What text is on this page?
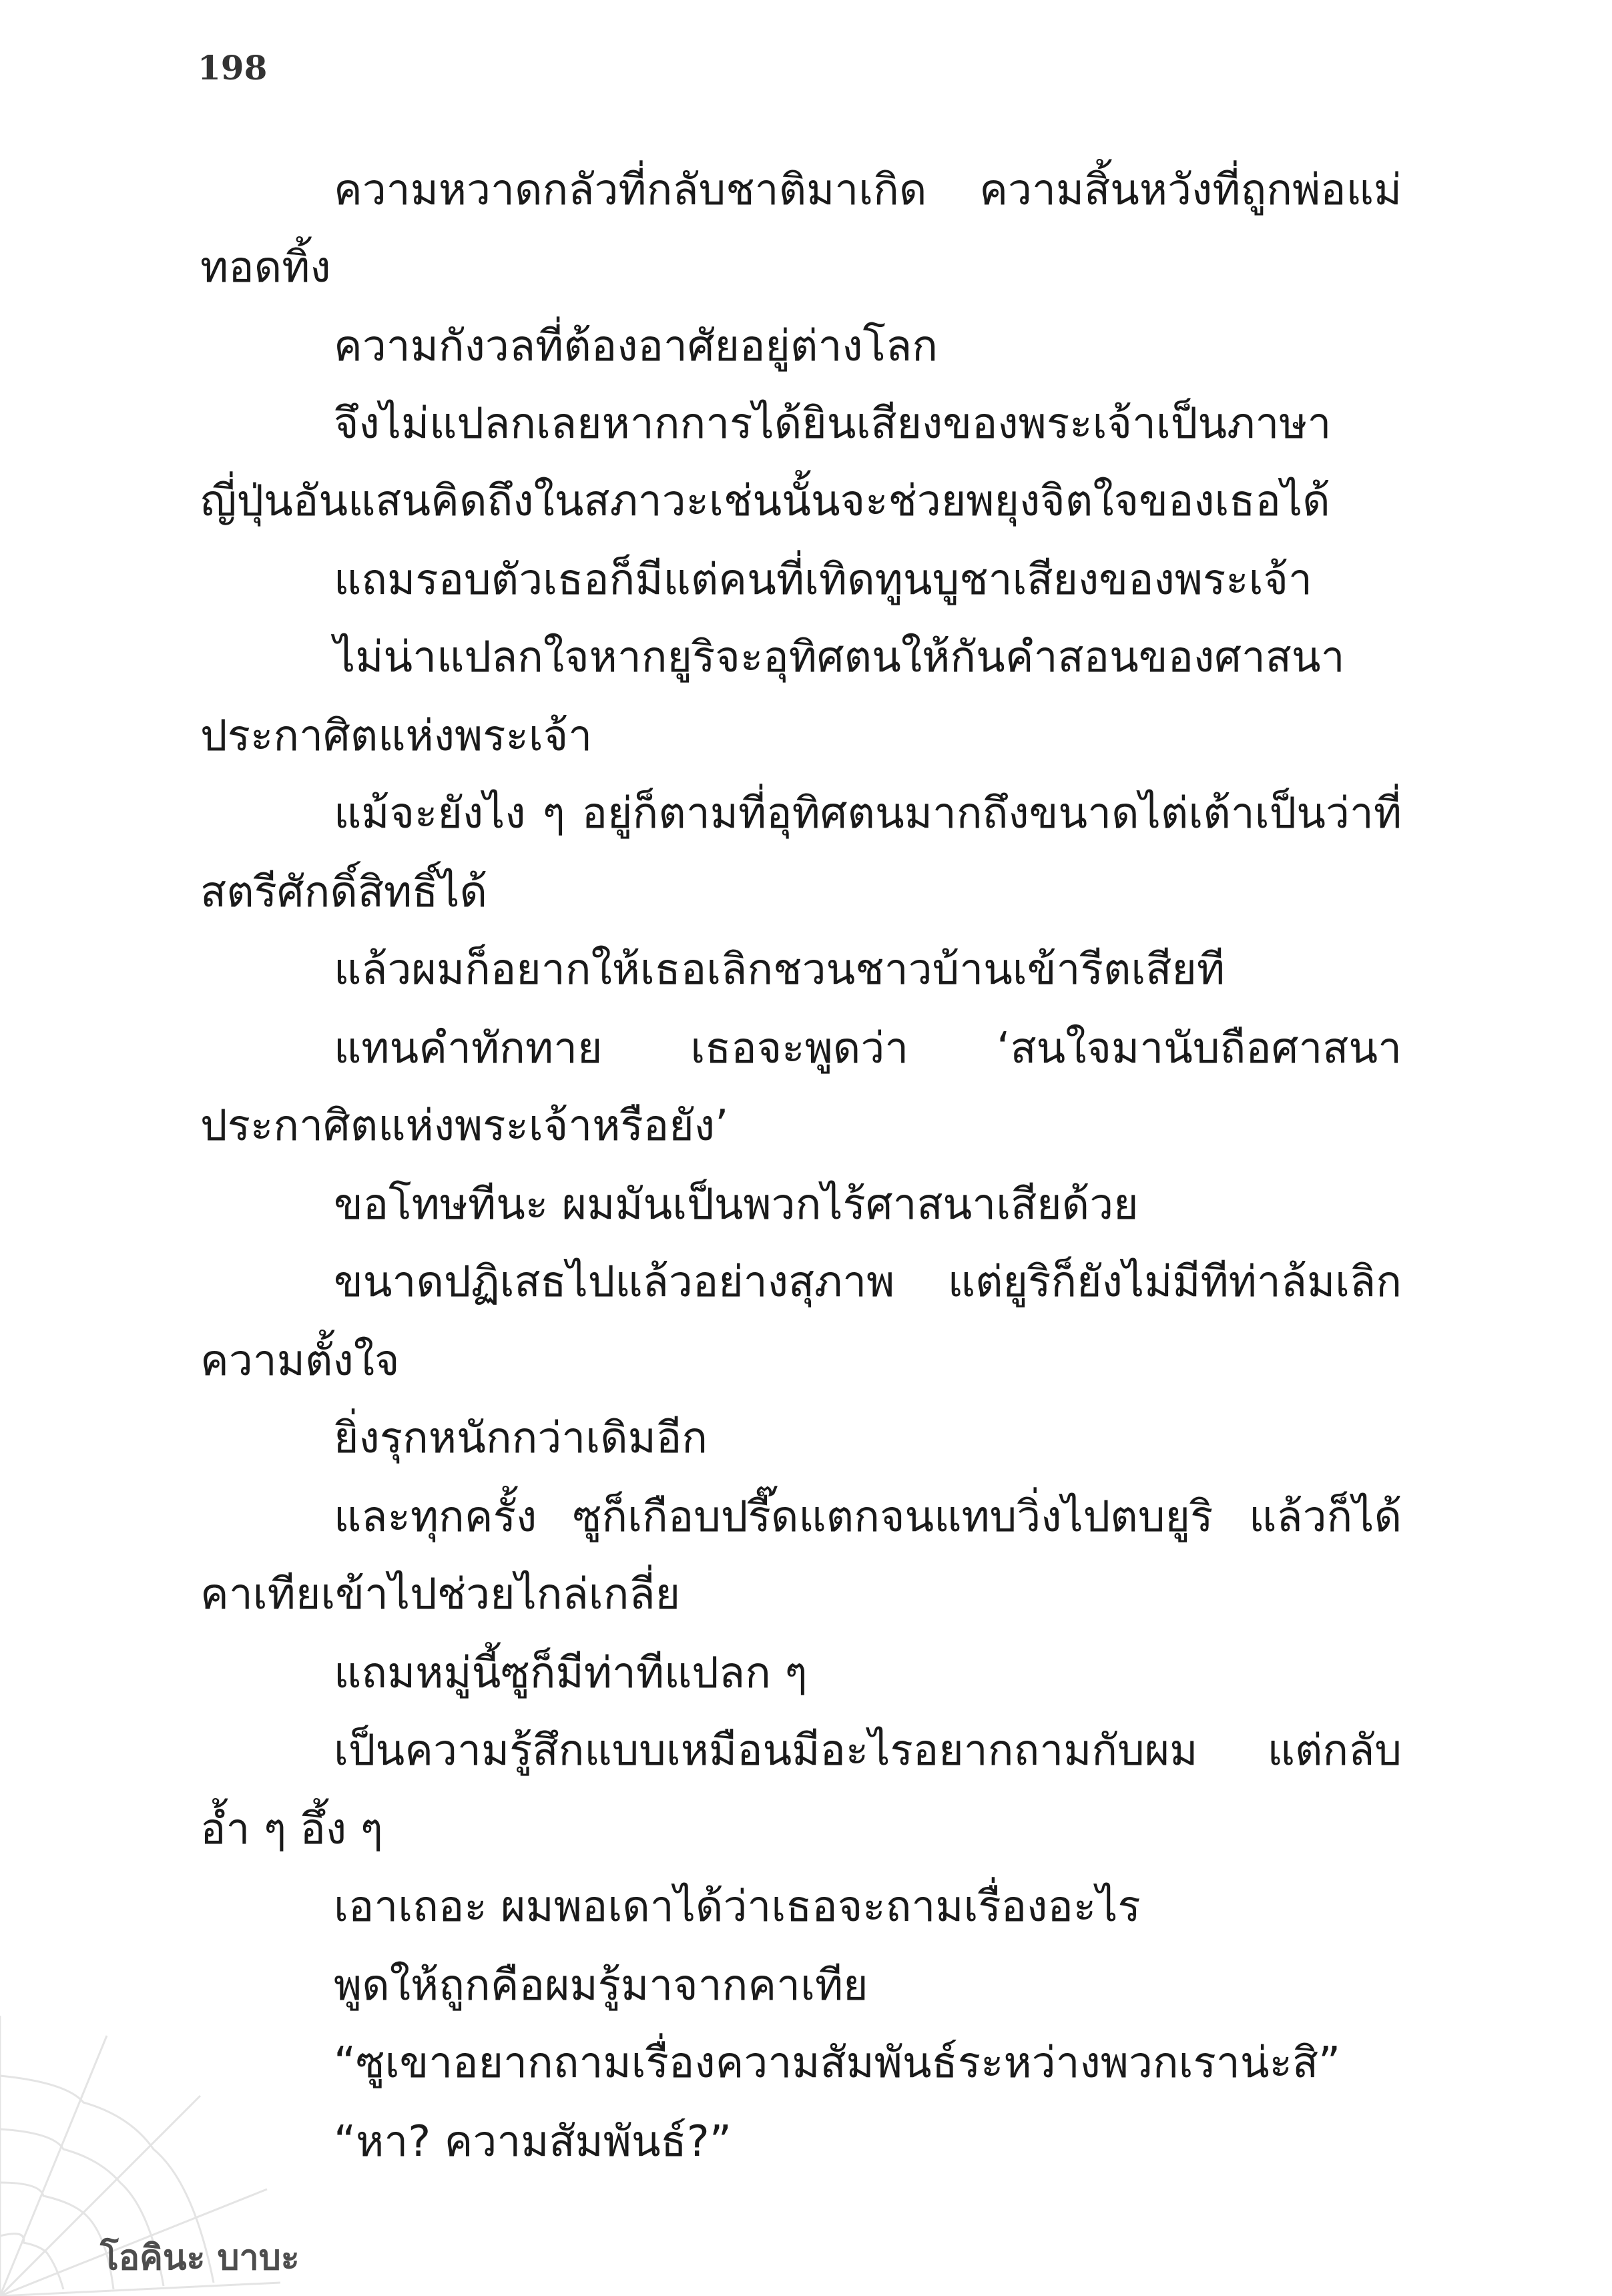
198
ความหวาดกลัวที่กลับชาติมาเกิด ความสิ้นหวังที่ถูกพ่อแม่
ทอดทิ้ง
ความกังวลที่ต้องอาศัยอยู่ต่างโลก
จึงไม่แปลกเลยหากการได้ยินเสียงของพระเจ้าเป็นภาษา
ญี่ปุ่นอันแสนคิดถึงในสภาวะเช่นนั้นจะช่วยพยุงจิตใจของเธอได้
แถมรอบตัวเธอก็มีแต่คนที่เทิดทูนบูชาเสียงของพระเจ้า
ไม่น่าแปลกใจหากยูริจะอุทิศตนให้กันคำสอนของศาสนา
ประกาศิตแห่งพระเจ้า
แม้จะยังไง ๆ อยู่ก็ตามที่อุทิศตนมากถึงขนาดไต่เต้าเป็นว่าที่
สตรีศักดิ์สิทธิ์ได้
แล้วผมก็อยากให้เธอเลิกชวนชาวบ้านเข้ารีตเสียที
แทนคำทักทาย เธอจะพูดว่า ‘สนใจมานับถือศาสนา
ประกาศิตแห่งพระเจ้าหรือยัง’
ขอโทษทีนะ ผมมันเป็นพวกไร้ศาสนาเสียด้วย
ขนาดปฏิเสธไปแล้วอย่างสุภาพ แต่ยูริก็ยังไม่มีทีท่าล้มเลิก
ความตั้งใจ
ยิ่งรุกหนักกว่าเดิมอีก
และทุกครั้ง ซูก็เกือบปรี๊ดแตกจนแทบวิ่งไปตบยูริ แล้วก็ได้
คาเทียเข้าไปช่วยไกล่เกลี่ย
แถมหมู่นี้ซูก็มีท่าทีแปลก ๆ
เป็นความรู้สึกแบบเหมือนมีอะไรอยากถามกับผม แต่กลับ
อ้ำ ๆ อึ้ง ๆ
เอาเถอะ ผมพอเดาได้ว่าเธอจะถามเรื่องอะไร
พูดให้ถูกคือผมรู้มาจากคาเทีย
“ซูเขาอยากถามเรื่องความสัมพันธ์ระหว่างพวกเราน่ะสิ”
“หา? ความสัมพันธ์?”
โอคินะ บาบะ
